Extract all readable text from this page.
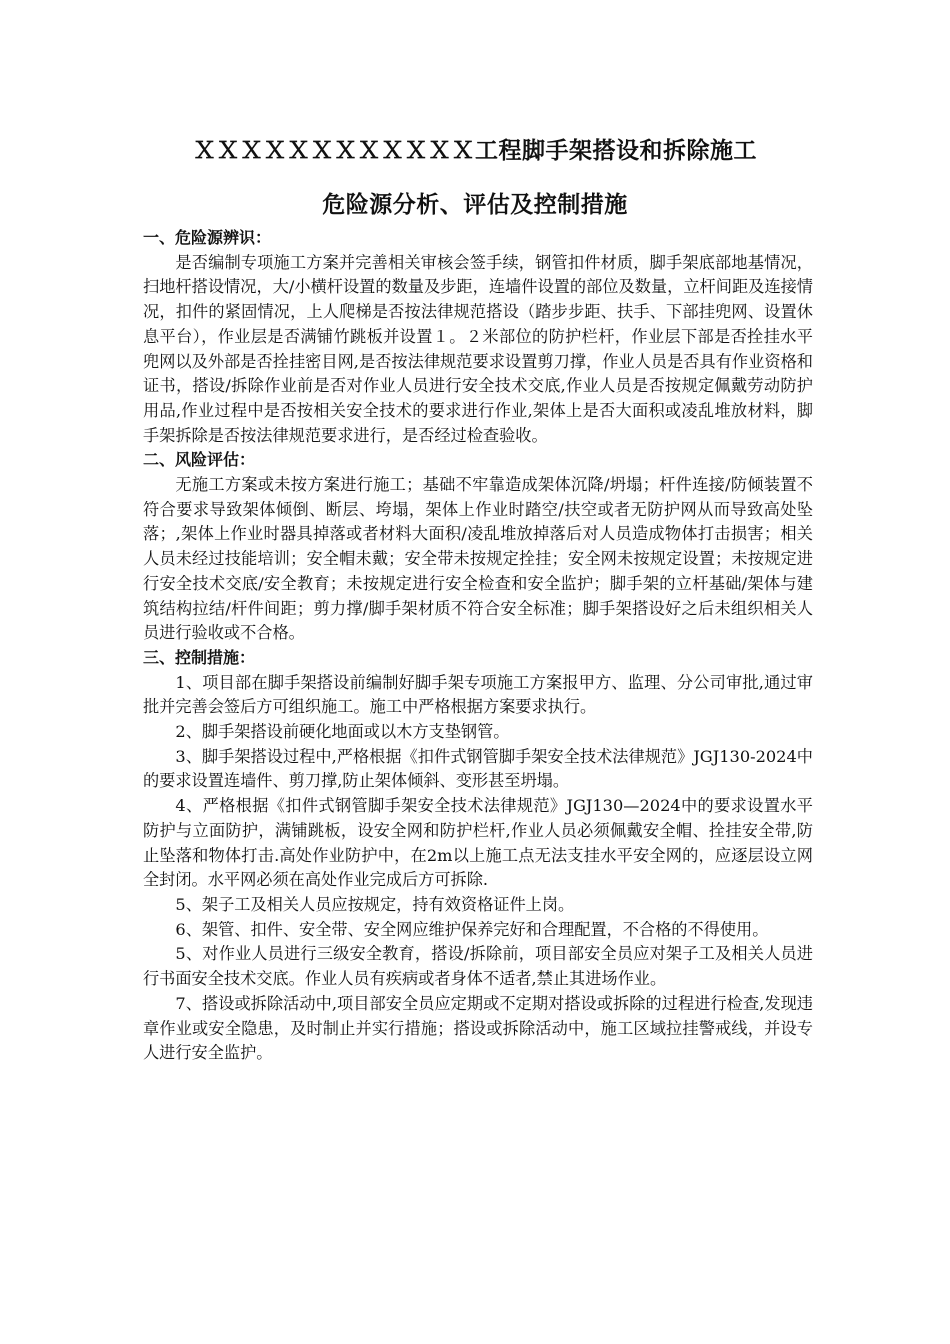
ＸＸＸＸＸＸＸＸＸＸＸＸ工程脚手架搭设和拆除施工
危险源分析、评估及控制措施

一、危险源辨识：

是否编制专项施工方案并完善相关审核会签手续，钢管扣件材质，脚手架底部地基情况，扫地杆搭设情况，大/小横杆设置的数量及步距，连墙件设置的部位及数量，立杆间距及连接情况，扣件的紧固情况，上人爬梯是否按法律规范搭设（踏步步距、扶手、下部挂兜网、设置休息平台），作业层是否满铺竹跳板并设置１。２米部位的防护栏杆，作业层下部是否拴挂水平兜网以及外部是否拴挂密目网,是否按法律规范要求设置剪刀撑，作业人员是否具有作业资格和证书，搭设/拆除作业前是否对作业人员进行安全技术交底,作业人员是否按规定佩戴劳动防护用品,作业过程中是否按相关安全技术的要求进行作业,架体上是否大面积或凌乱堆放材料，脚手架拆除是否按法律规范要求进行，是否经过检查验收。

二、风险评估：

无施工方案或未按方案进行施工；基础不牢靠造成架体沉降/坍塌；杆件连接/防倾装置不符合要求导致架体倾倒、断层、垮塌，架体上作业时踏空/扶空或者无防护网从而导致高处坠落；,架体上作业时器具掉落或者材料大面积/凌乱堆放掉落后对人员造成物体打击损害；相关人员未经过技能培训；安全帽未戴；安全带未按规定拴挂；安全网未按规定设置；未按规定进行安全技术交底/安全教育；未按规定进行安全检查和安全监护；脚手架的立杆基础/架体与建筑结构拉结/杆件间距；剪力撑/脚手架材质不符合安全标准；脚手架搭设好之后未组织相关人员进行验收或不合格。

三、控制措施：

1、项目部在脚手架搭设前编制好脚手架专项施工方案报甲方、监理、分公司审批,通过审批并完善会签后方可组织施工。施工中严格根据方案要求执行。

2、脚手架搭设前硬化地面或以木方支垫钢管。

3、脚手架搭设过程中,严格根据《扣件式钢管脚手架安全技术法律规范》JGJ130-2024中的要求设置连墙件、剪刀撑,防止架体倾斜、变形甚至坍塌。

4、严格根据《扣件式钢管脚手架安全技术法律规范》JGJ130—2024中的要求设置水平防护与立面防护，满铺跳板，设安全网和防护栏杆,作业人员必须佩戴安全帽、拴挂安全带,防止坠落和物体打击.高处作业防护中，在2m以上施工点无法支挂水平安全网的，应逐层设立网全封闭。水平网必须在高处作业完成后方可拆除.

5、架子工及相关人员应按规定，持有效资格证件上岗。

6、架管、扣件、安全带、安全网应维护保养完好和合理配置，不合格的不得使用。

5、对作业人员进行三级安全教育，搭设/拆除前，项目部安全员应对架子工及相关人员进行书面安全技术交底。作业人员有疾病或者身体不适者,禁止其进场作业。

7、搭设或拆除活动中,项目部安全员应定期或不定期对搭设或拆除的过程进行检查,发现违章作业或安全隐患，及时制止并实行措施；搭设或拆除活动中，施工区域拉挂警戒线，并设专人进行安全监护。
